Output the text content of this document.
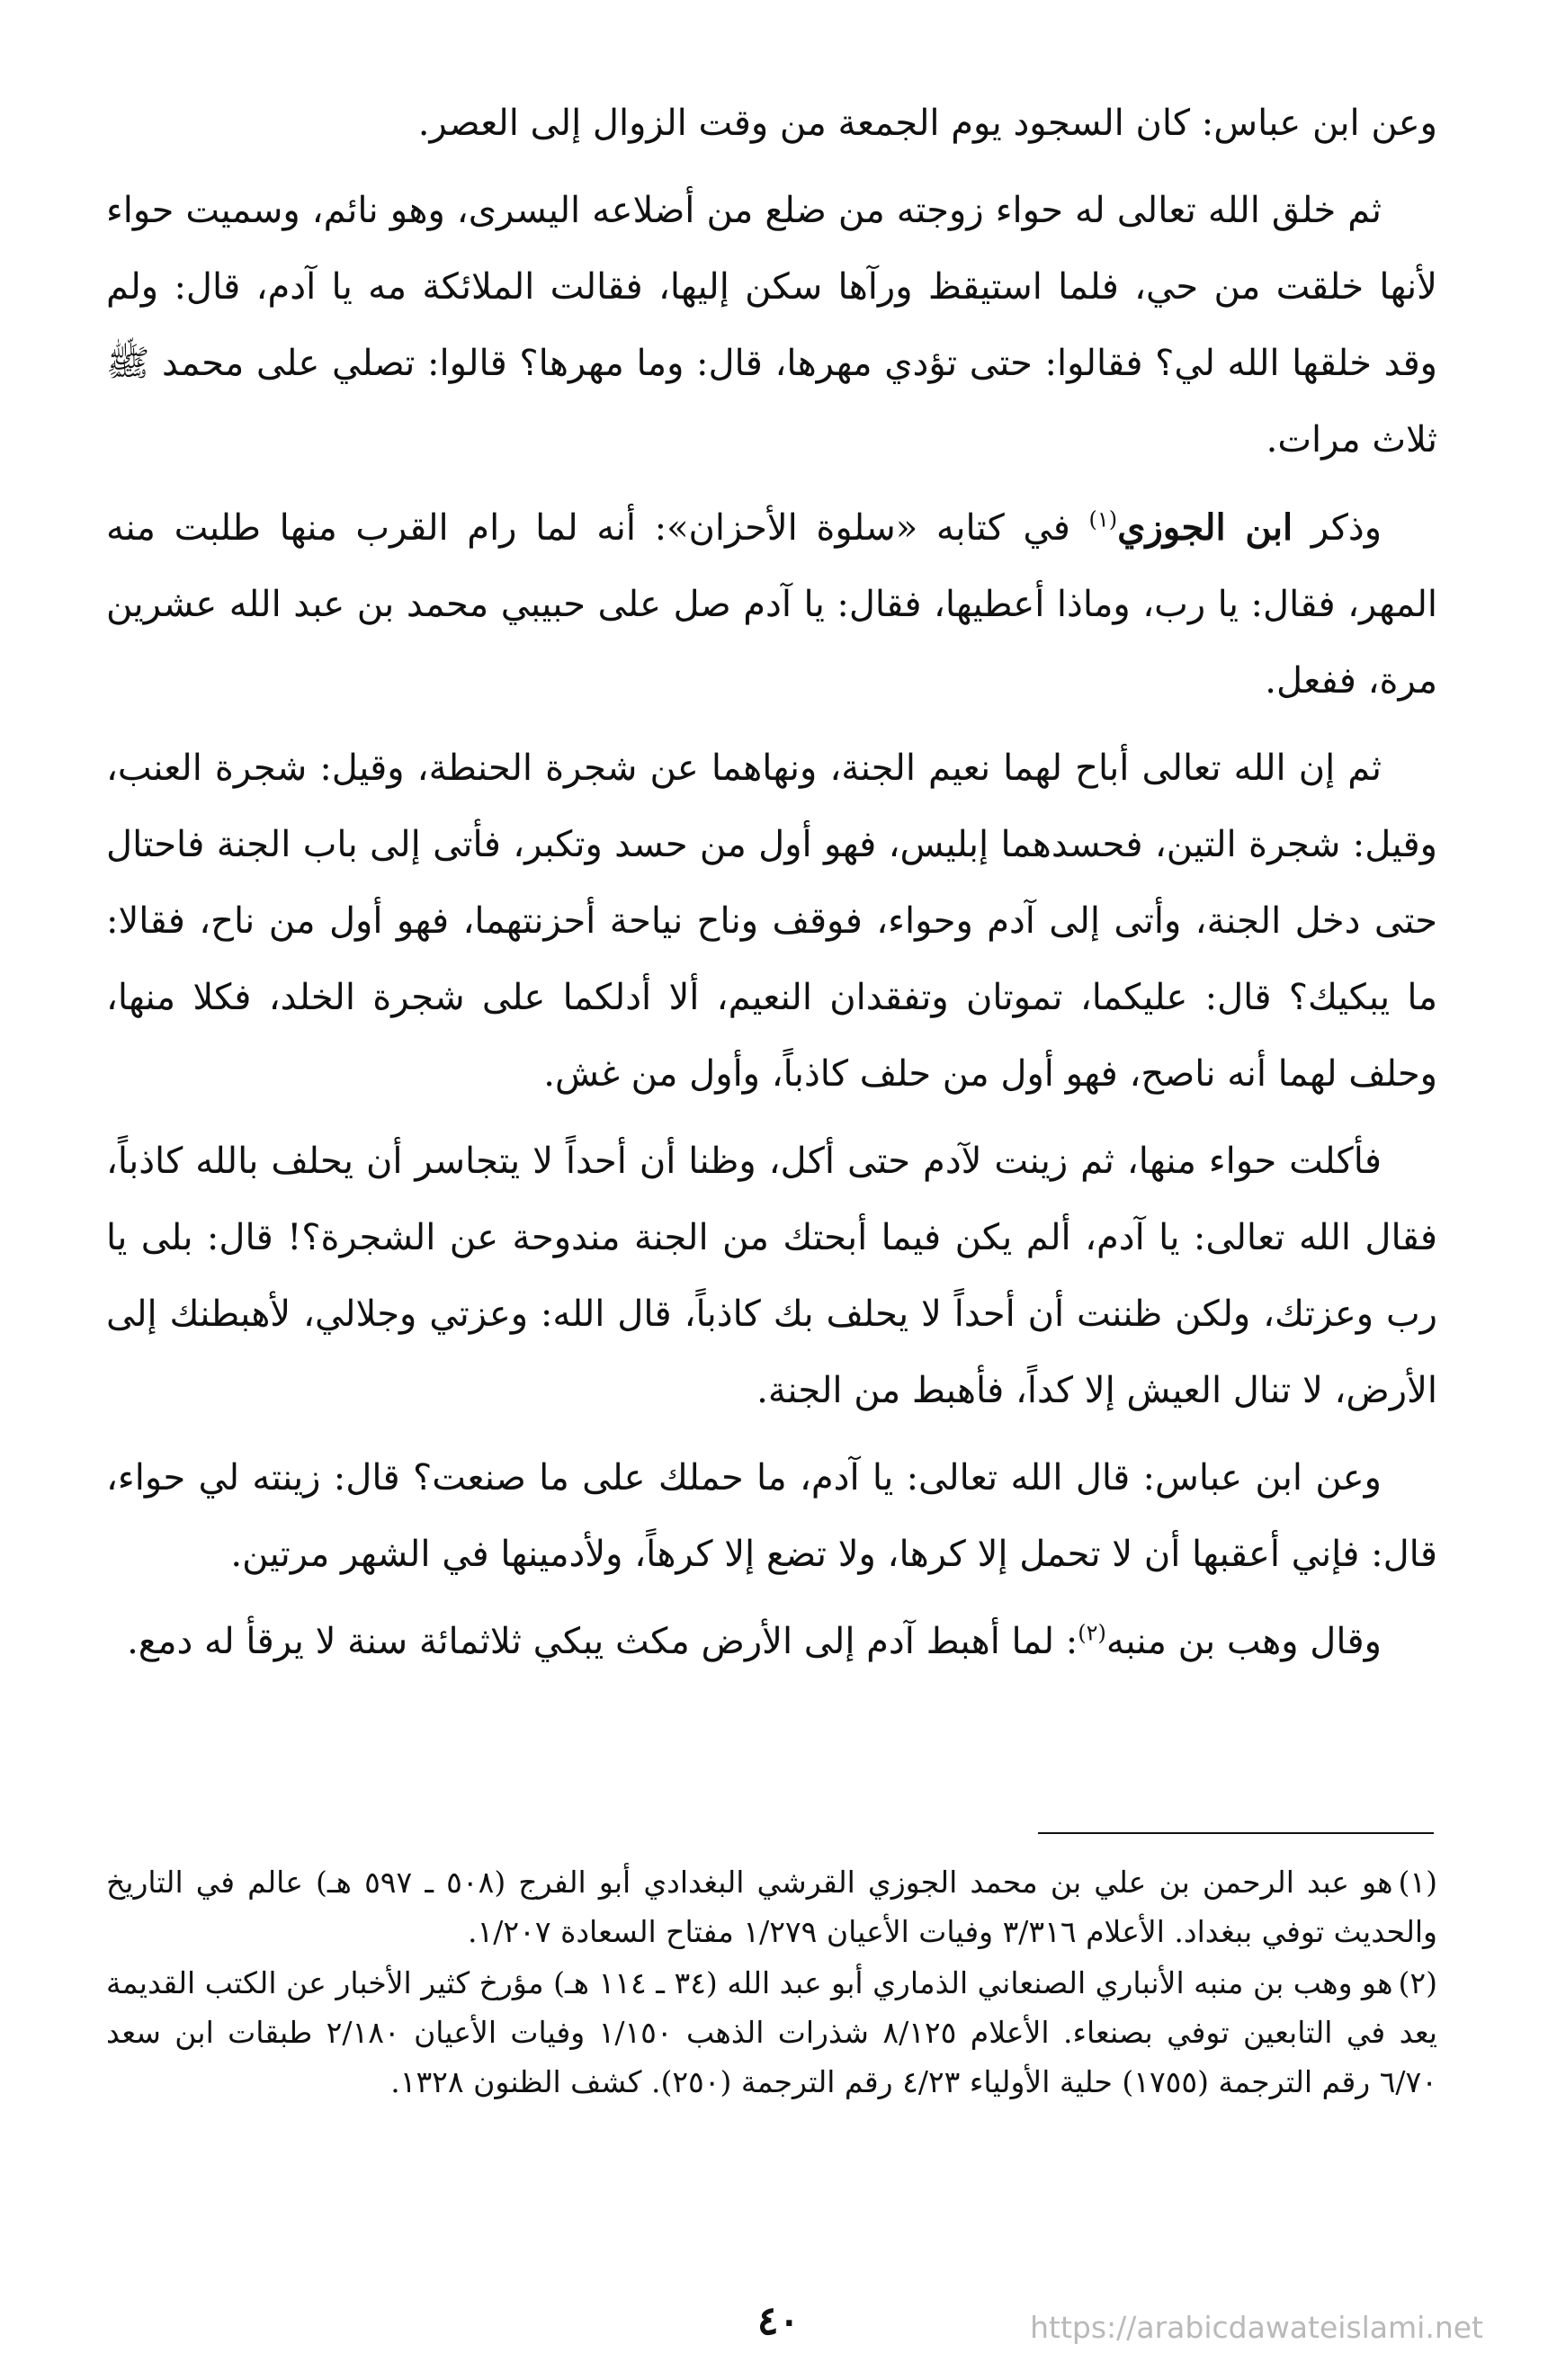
وعن ابن عباس: كان السجود يوم الجمعة من وقت الزوال إلى العصر.

ثم خلق الله تعالى له حواء زوجته من ضلع من أضلاعه اليسرى، وهو نائم، وسميت حواء لأنها خلقت من حي، فلما استيقظ ورآها سكن إليها، فقالت الملائكة مه يا آدم، قال: ولم وقد خلقها الله لي؟ فقالوا: حتى تؤدي مهرها، قال: وما مهرها؟ قالوا: تصلي على محمد ﷺ ثلاث مرات.

وذكر ابن الجوزي$^{(١)}$ في كتابه «سلوة الأحزان»: أنه لما رام القرب منها طلبت منه المهر، فقال: يا رب، وماذا أعطيها، فقال: يا آدم صل على حبيبي محمد بن عبد الله عشرين مرة، ففعل.

ثم إن الله تعالى أباح لهما نعيم الجنة، ونهاهما عن شجرة الحنطة، وقيل: شجرة العنب، وقيل: شجرة التين، فحسدهما إبليس، فهو أول من حسد وتكبر، فأتى إلى باب الجنة فاحتال حتى دخل الجنة، وأتى إلى آدم وحواء، فوقف وناح نياحة أحزنتهما، فهو أول من ناح، فقالا: ما يبكيك؟ قال: عليكما، تموتان وتفقدان النعيم، ألا أدلكما على شجرة الخلد، فكلا منها، وحلف لهما أنه ناصح، فهو أول من حلف كاذباً، وأول من غش.

فأكلت حواء منها، ثم زينت لآدم حتى أكل، وظنا أن أحداً لا يتجاسر أن يحلف بالله كاذباً، فقال الله تعالى: يا آدم، ألم يكن فيما أبحتك من الجنة مندوحة عن الشجرة؟! قال: بلى يا رب وعزتك، ولكن ظننت أن أحداً لا يحلف بك كاذباً، قال الله: وعزتي وجلالي، لأهبطنك إلى الأرض، لا تنال العيش إلا كداً، فأهبط من الجنة.

وعن ابن عباس: قال الله تعالى: يا آدم، ما حملك على ما صنعت؟ قال: زينته لي حواء، قال: فإني أعقبها أن لا تحمل إلا كرها، ولا تضع إلا كرهاً، ولأدمينها في الشهر مرتين.

وقال وهب بن منبه$^{(٢)}$: لما أهبط آدم إلى الأرض مكث يبكي ثلاثمائة سنة لا يرقأ له دمع.

(١)هو عبد الرحمن بن علي بن محمد الجوزي القرشي البغدادي أبو الفرج (٥٠٨ ـ ٥٩٧ هـ) عالم في التاريخ والحديث توفي ببغداد. الأعلام ٣/٣١٦ وفيات الأعيان ١/٢٧٩ مفتاح السعادة ١/٢٠٧.

(٢)هو وهب بن منبه الأنباري الصنعاني الذماري أبو عبد الله (٣٤ ـ ١١٤ هـ) مؤرخ كثير الأخبار عن الكتب القديمة يعد في التابعين توفي بصنعاء. الأعلام ٨/١٢٥ شذرات الذهب ١/١٥٠ وفيات الأعيان ٢/١٨٠ طبقات ابن سعد ٦/٧٠ رقم الترجمة (١٧٥٥) حلية الأولياء ٤/٢٣ رقم الترجمة (٢٥٠). كشف الظنون ١٣٢٨.

٤٠	https://arabicdawateislami.net
